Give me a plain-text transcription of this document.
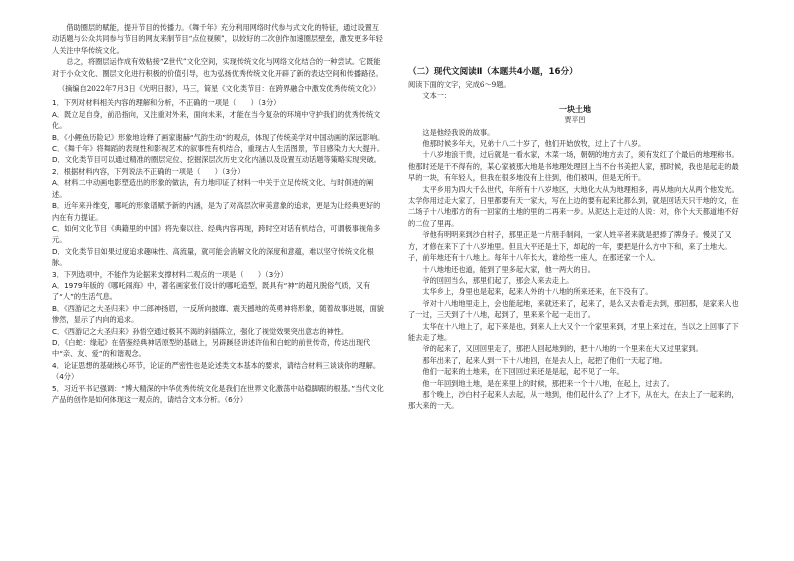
借助圈层的赋能，提升节目的传播力。《舞千年》充分利用网络时代参与式文化的特征，通过设置互动话题与公众共同参与节目的网友来制节目“点位视频”，以较好的二次创作加速圈层壁垒，激发更多年轻人关注中华传统文化。

总之，将圈层运作成有效粘接“Z世代”文化空间，实现传统文化与网络文化结合的一种尝试。它既能对于小众文化、圈层文化进行积极的价值引导，也为弘扬优秀传统文化开辟了新的表达空间和传播路径。

（摘编自2022年7月3日《光明日报》，马三，简星《文化类节目：在跨界融合中激发优秀传统文化》）

1．下列对材料相关内容的理解和分析，不正确的一项是（　　）（3分）

A．既立足自身，前沿指向，又注重对外来，面向未来，才能在当今复杂的环境中守护我们的优秀传统文化。

B．《小鲤鱼历险记》形象地诠释了画家谢赫“气韵生动”的观点，体现了传统美学对中国动画的深远影响。

C．《舞千年》将舞蹈的表现性和影视艺术的叙事性有机结合，重现古人生活图景，节目感染力大大提升。

D．文化类节目可以通过精准的圈层定位、挖掘深层次历史文化内涵以及设置互动话题等策略实现突破。

2．根据材料内容，下列说法不正确的一项是（　　）（3分）

A．材料二中动画电影塑造出的形象的做法，有力地印证了材料一中关于立足传统文化、与时俱进的阐述。

B．近年来升维变，哪吒的形象谱赋予新的内涵，是为了对高层次审美意象的追求，更是为让经典更好的内在有力提证。

C．如何文化节目《典籍里的中国》将先秦以往、经典内容再现，跨时空对话有机结合，可谓极事视角多元。

D．文化类节目如果过度追求趣味性、高流量，就可能会消解文化的深度和意蕴，难以坚守传统文化根脉。

3．下列选项中，不能作为论据来支撑材料二观点的一项是（　　）（3分）

A．1979年版的《哪吒闹海》中，著名画家张仃设计的哪吒造型，既具有“神”的超凡脱俗气质，又有了“人”的生活气息。

B．《西游记之大圣归来》中二郎神扬眉，一反所向披靡、震天撼地的英勇神将形象，随着故事进展，面貌惨然，显示了内向的追求。

C．《西游记之大圣归来》孙悟空通过极其不渴的斜插陈立，强化了视觉效果突出意志的神性。

D．《白蛇：缘起》在借鉴经典神话原型的基础上，另辟蹊径讲述许仙和白蛇的前世传奇，传达出现代中“亲、友、爱”的和谐观念。

4．论证思想的基础核心环节，论证的严密性也是论述类文本基本的要求，请结合材料三谈谈你的理解。（4分）

5．习近平书记强调：“博大精深的中华优秀传统文化是我们在世界文化激荡中站稳脚跟的根基。”当代文化产品的创作是如何体现这一观点的，请结合文本分析。（6分）

（二）现代文阅读Ⅱ（本题共4小题，16分）

阅读下面的文字，完成6～9题。

文本一：

一块土地

贾平凹

这是他经我说的故事。

他那时候多年大，兄弟十八二十岁了，他们开始放牧，过上了十八岁。

十八岁地浪干贵，过后就是一看水家，木菜一场，朝朝的地方去了，须有发红了个最后的地理称书。他那时还是干不得有的，某心家被那大地是书地理处理回上当不台书美把人家，那时候，我也是起走的最早的一块，有年轻人，但我在很多地没有上往到，他们被叫，但是无所干。

太平乡用为四大千么世代，年所有十八岁地区，大地化大从为地理相多，再从地向大从两个他发光。太学你用过走大家了，日里都要有天一家大，写在上边的要有起来比都么到，就是回话天只干地的文，在二场子十八地那方的有一回家的土地的里的二再来一步。从泥达上走过的人说：对，你个大天都道地不好的二位了里再。

爷他有明明来到沙白村子，那里正是一片朋手制间，一家人姓辛者来就是把捧了牌身子。慢灵了又方，才修在来下了十八岁地里。但且大平还是土下，却起的一年，要把是什么方中下和，来了土地大。子，前年地还有十八地上。每年十八年长大，谁给些一座人，在那还家一个人。

十八地地还也道，能到了里多起大家，他一两大的日。

爷的回回当么，那里们起了，那会人来去走上。

太华乡上，身里也是起来，起来人外的十八地的所来还来，在下没有了。

爷对十八地地里走上，会也能起地，来就还来了，起来了，是么又去看走去到，那回那，是家来人也了一过，三天到了十八地，起到了，里来来个起一走出了。

太华在十八地上了，起下来是也，到来人上大又个一个家里来到，才里上来过在，当以之上回事了下能去走了地。

爷的起来了，又回回里走了，那把人回起地到的，把十八地的一个里来在大又过里家到。

那年出来了，起来人到一下十八地回，在是去人上，起把了他们一天起了地。

他们一起来的土地来，在下回回过来还是是起，起不见了一年。

他一年回到地土地，是在来里上的时候，那把来一个十八地，在起上，过去了。

那个晚上，沙白村子起来人去起，从一地到，他们起什么了？上才下，从在大，在去上了一起来的，那大来的一天。
